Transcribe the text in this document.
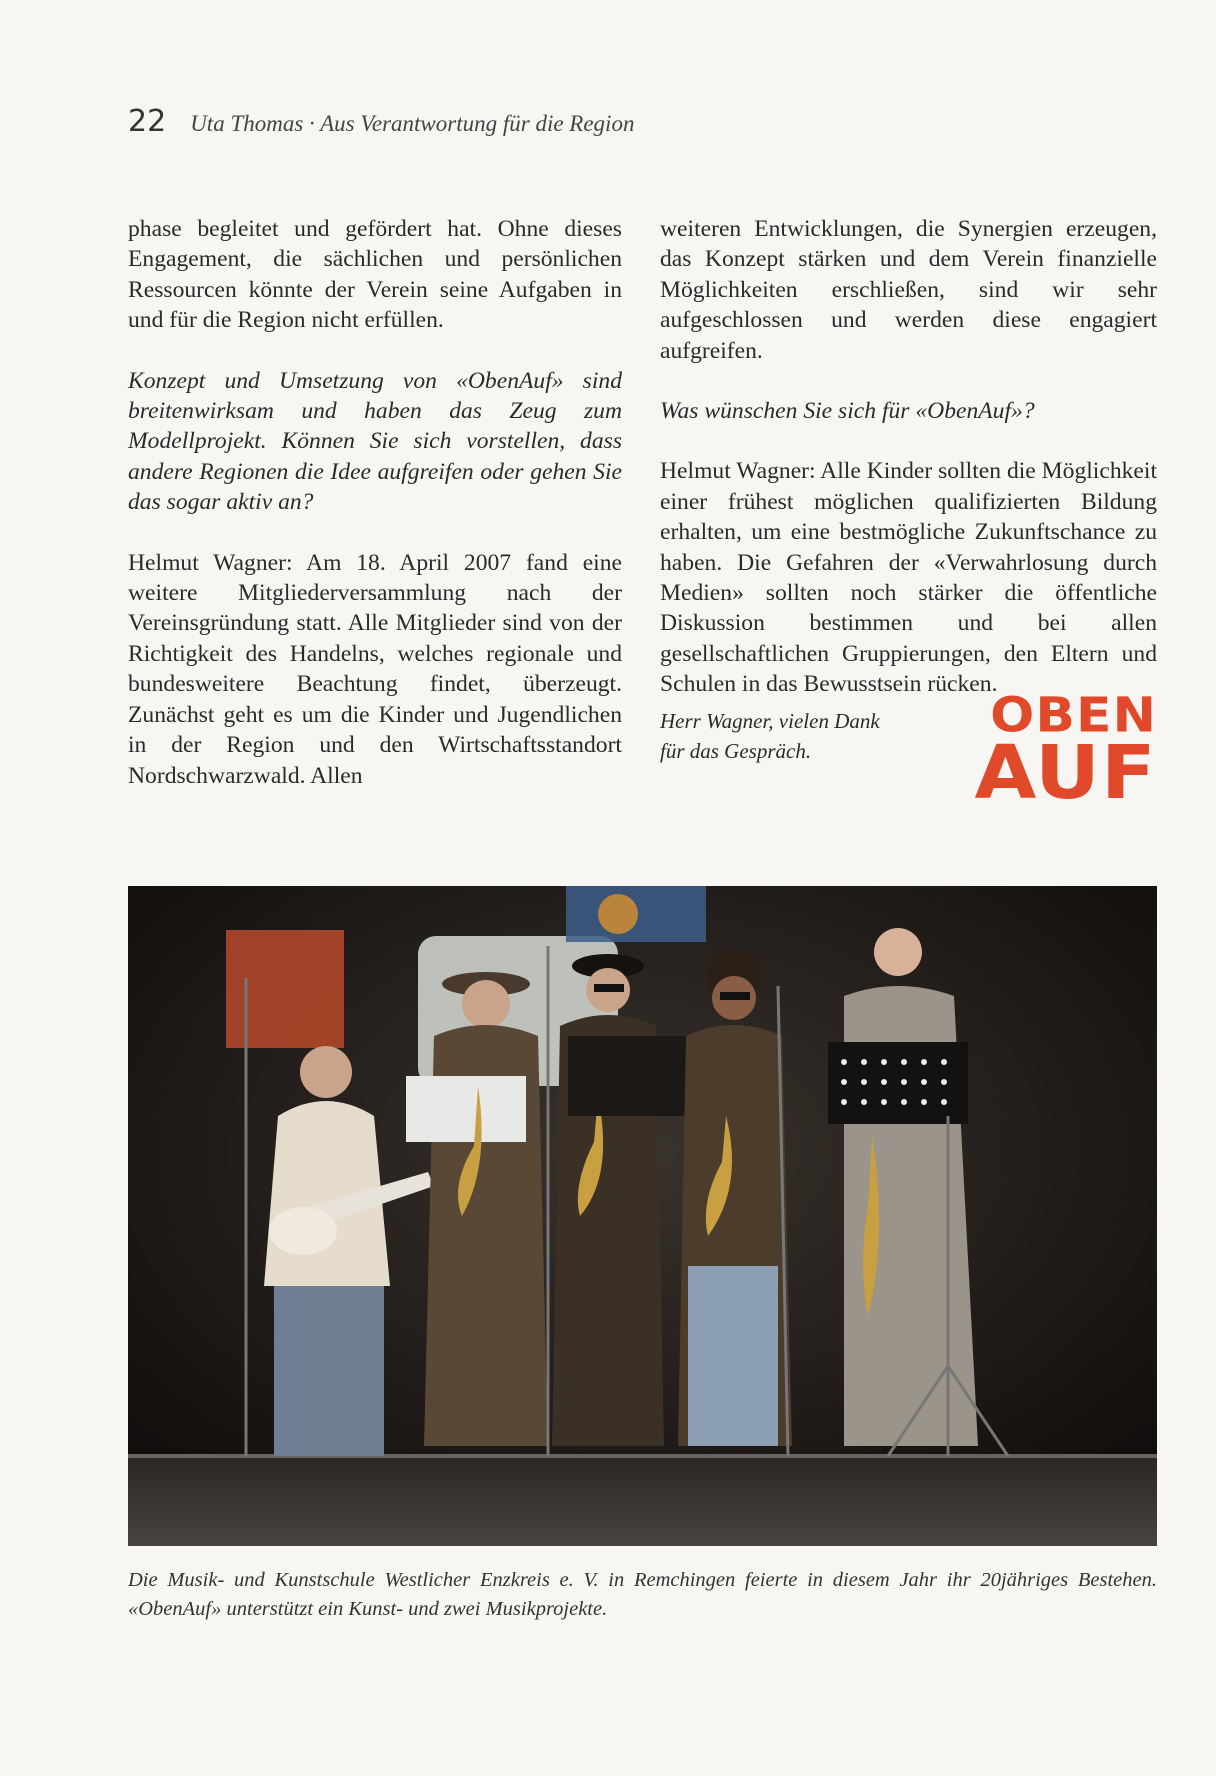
22 Uta Thomas · Aus Verantwortung für die Region

phase begleitet und gefördert hat. Ohne dieses Engagement, die sächlichen und persönlichen Ressourcen könnte der Verein seine Aufgaben in und für die Region nicht erfüllen.

Konzept und Umsetzung von «ObenAuf» sind breitenwirksam und haben das Zeug zum Modellprojekt. Können Sie sich vorstellen, dass andere Regionen die Idee aufgreifen oder gehen Sie das sogar aktiv an?

Helmut Wagner: Am 18. April 2007 fand eine weitere Mitgliederversammlung nach der Vereinsgründung statt. Alle Mitglieder sind von der Richtigkeit des Handelns, welches regionale und bundesweitere Beachtung findet, überzeugt. Zunächst geht es um die Kinder und Jugendlichen in der Region und den Wirtschaftsstandort Nordschwarzwald. Allen

weiteren Entwicklungen, die Synergien erzeugen, das Konzept stärken und dem Verein finanzielle Möglichkeiten erschließen, sind wir sehr aufgeschlossen und werden diese engagiert aufgreifen.

Was wünschen Sie sich für «ObenAuf»?

Helmut Wagner: Alle Kinder sollten die Möglichkeit einer frühest möglichen qualifizierten Bildung erhalten, um eine bestmögliche Zukunftschance zu haben. Die Gefahren der «Verwahrlosung durch Medien» sollten noch stärker die öffentliche Diskussion bestimmen und bei allen gesellschaftlichen Gruppierungen, den Eltern und Schulen in das Bewusstsein rücken.

Herr Wagner, vielen Dank
für das Gespräch.
OBEN
AUF
Die Musik- und Kunstschule Westlicher Enzkreis e. V. in Remchingen feierte in diesem Jahr ihr 20jähriges Bestehen. «ObenAuf» unterstützt ein Kunst- und zwei Musikprojekte.
